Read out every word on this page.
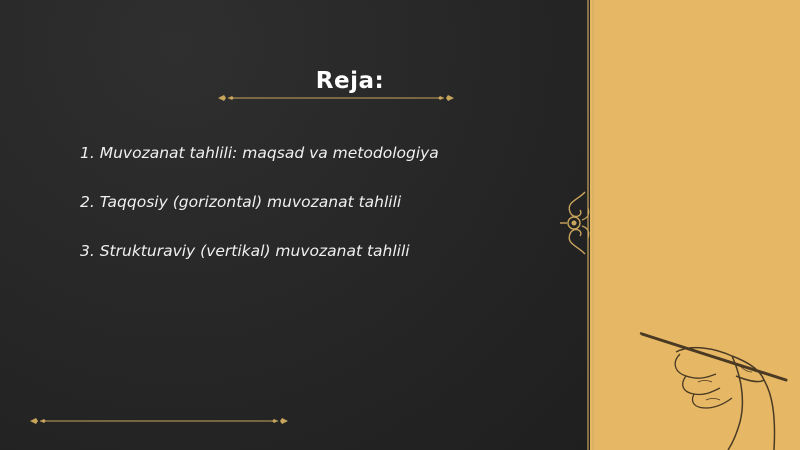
Reja:
1. Muvozanat tahlili: maqsad va metodologiya
2. Taqqosiy (gorizontal) muvozanat tahlili
3. Strukturaviy (vertikal) muvozanat tahlili
